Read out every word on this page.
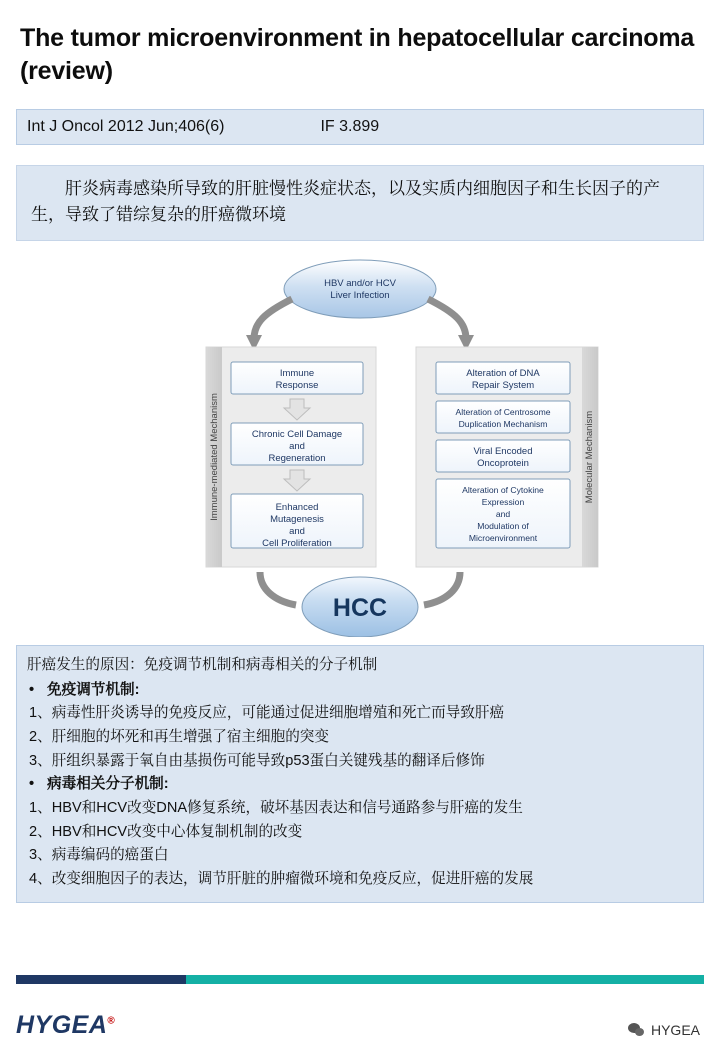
The tumor microenvironment in hepatocellular carcinoma (review)
Int J Oncol 2012 Jun;406(6)	IF 3.899
肝炎病毒感染所导致的肝脏慢性炎症状态，以及实质内细胞因子和生长因子的产生，导致了错综复杂的肝癌微环境
HBV and/or HCV
Liver Infection
Immune-mediated Mechanism	Molecular Mechanism
Immune
Response
Chronic Cell Damage
and
Regeneration
Enhanced
Mutagenesis
and
Cell Proliferation
Alteration of DNA
Repair System
Alteration of Centrosome
Duplication Mechanism
Viral Encoded
Oncoprotein
Alteration of Cytokine
Expression
and
Modulation of
Microenvironment
HCC

肝癌发生的原因：免疫调节机制和病毒相关的分子机制

• 免疫调节机制:

1、病毒性肝炎诱导的免疫反应，可能通过促进细胞增殖和死亡而导致肝癌

2、肝细胞的坏死和再生增强了宿主细胞的突变

3、肝组织暴露于氧自由基损伤可能导致p53蛋白关键残基的翻译后修饰

• 病毒相关分子机制:

1、HBV和HCV改变DNA修复系统，破坏基因表达和信号通路参与肝癌的发生

2、HBV和HCV改变中心体复制机制的改变

3、病毒编码的癌蛋白

4、改变细胞因子的表达，调节肝脏的肿瘤微环境和免疫反应，促进肝癌的发展

HYGEA®
HYGEA
